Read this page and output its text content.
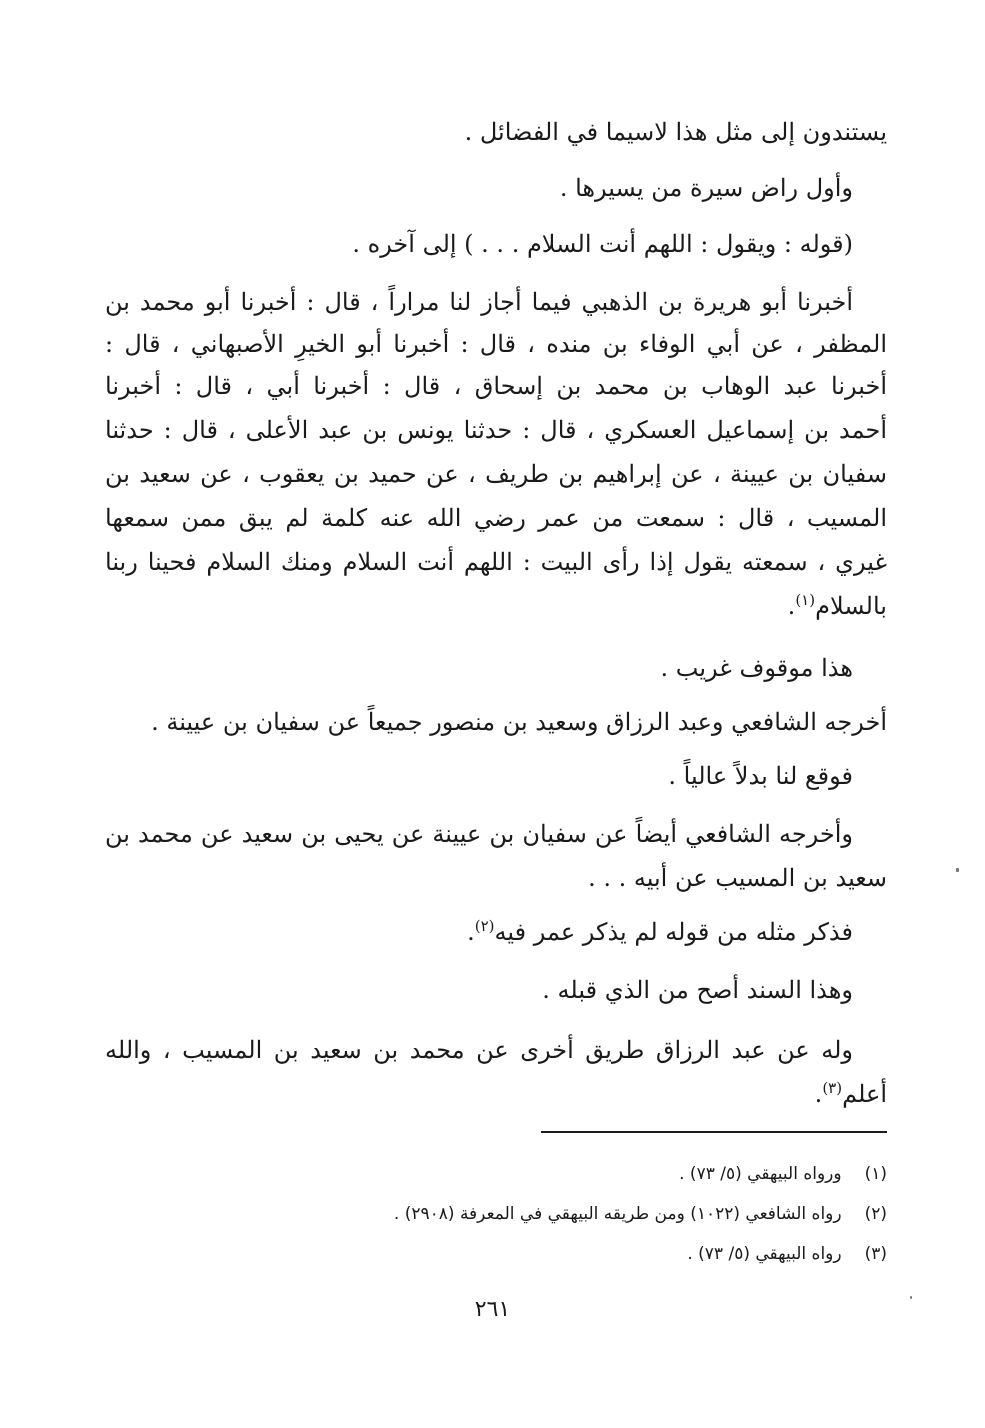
يستندون إلى مثل هذا لاسيما في الفضائل .
وأول راض سيرة من يسيرها .
(قوله : ويقول : اللهم أنت السلام . . . ) إلى آخره .
أخبرنا أبو هريرة بن الذهبي فيما أجاز لنا مراراً ، قال : أخبرنا أبو محمد بن
المظفر ، عن أبي الوفاء بن منده ، قال : أخبرنا أبو الخيرِ الأصبهاني ، قال :
أخبرنا عبد الوهاب بن محمد بن إسحاق ، قال : أخبرنا أبي ، قال : أخبرنا
أحمد بن إسماعيل العسكري ، قال : حدثنا يونس بن عبد الأعلى ، قال : حدثنا
سفيان بن عيينة ، عن إبراهيم بن طريف ، عن حميد بن يعقوب ، عن سعيد بن
المسيب ، قال : سمعت من عمر رضي الله عنه كلمة لم يبق ممن سمعها
غيري ، سمعته يقول إذا رأى البيت : اللهم أنت السلام ومنك السلام فحينا ربنا
بالسلام$^{(١)}$.
هذا موقوف غريب .
أخرجه الشافعي وعبد الرزاق وسعيد بن منصور جميعاً عن سفيان بن عيينة .
فوقع لنا بدلاً عالياً .
وأخرجه الشافعي أيضاً عن سفيان بن عيينة عن يحيى بن سعيد عن محمد بن
سعيد بن المسيب عن أبيه . . .
فذكر مثله من قوله لم يذكر عمر فيه$^{(٢)}$.
وهذا السند أصح من الذي قبله .
وله عن عبد الرزاق طريق أخرى عن محمد بن سعيد بن المسيب ، والله
أعلم$^{(٣)}$.
(١) ورواه البيهقي (٥/ ٧٣) .
(٢) رواه الشافعي (١٠٢٢) ومن طريقه البيهقي في المعرفة (٢٩٠٨) .
(٣) رواه البيهقي (٥/ ٧٣) .
٢٦١
